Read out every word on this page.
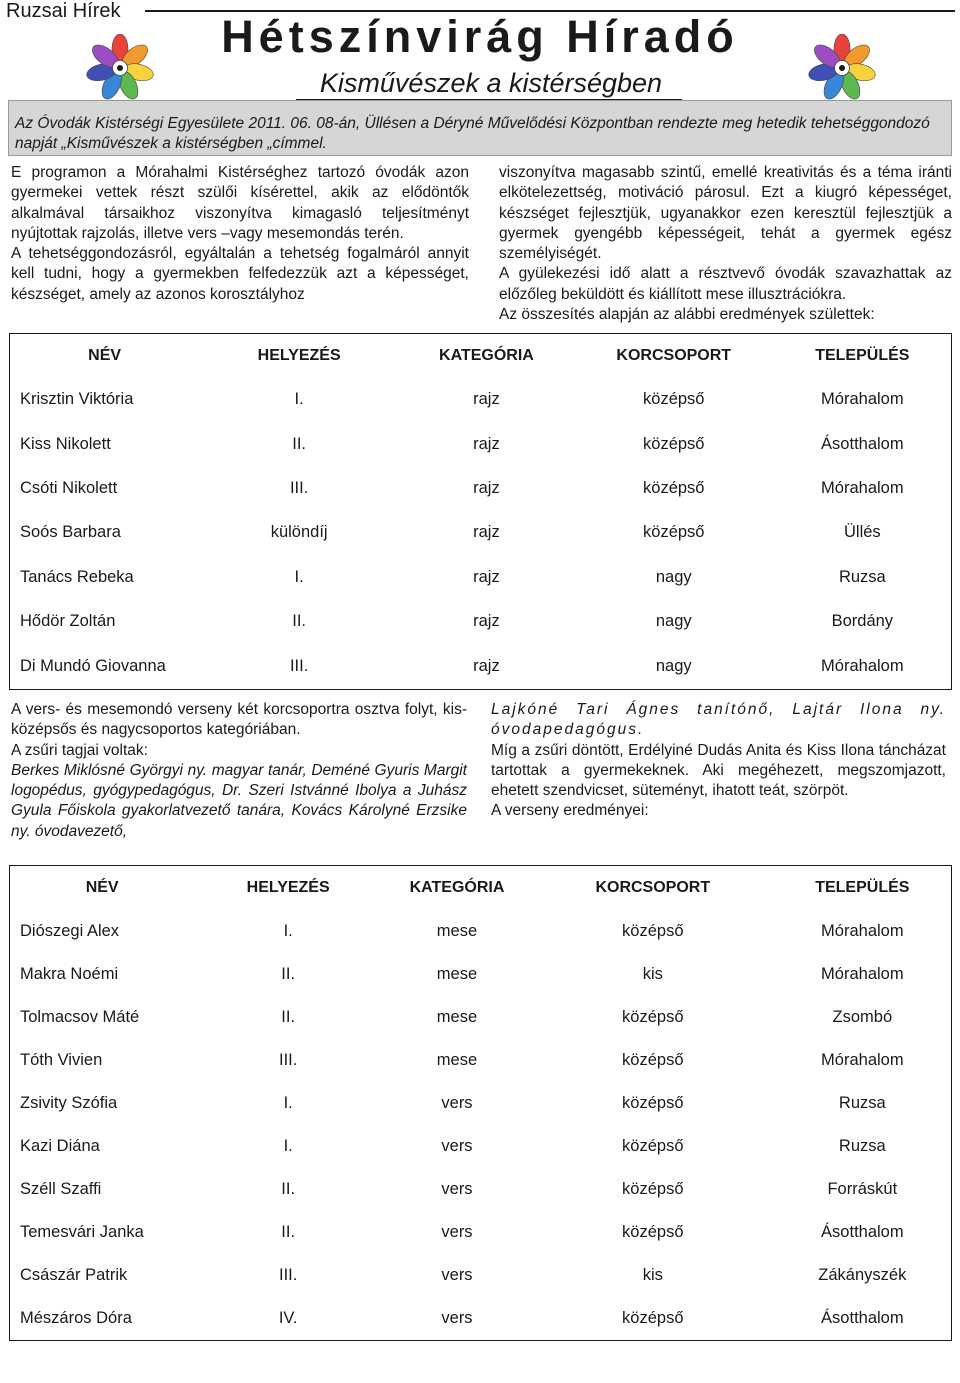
Ruzsai Hírek	Hétszínvirág Híradó
Kisművészek a kistérségben
Az Óvodák Kistérségi Egyesülete 2011. 06. 08-án, Üllésen a Déryné Művelődési Központban rendezte meg hetedik tehetséggondozó napját „Kisművészek a kistérségben „címmel.

E programon a Mórahalmi Kistérséghez tartozó óvodák azon gyermekei vettek részt szülői kísérettel, akik az elődöntők alkalmával társaikhoz viszonyítva kimagasló teljesítményt nyújtottak rajzolás, illetve vers –vagy mesemondás terén.

A tehetséggondozásról, egyáltalán a tehetség fogalmáról annyit kell tudni, hogy a gyermekben felfedezzük azt a képességet, készséget, amely az azonos korosztályhoz

viszonyítva magasabb szintű, emellé kreativitás és a téma iránti elkötelezettség, motiváció párosul. Ezt a kiugró képességet, készséget fejlesztjük, ugyanakkor ezen keresztül fejlesztjük a gyermek gyengébb képességeit, tehát a gyermek egész személyiségét.

A gyülekezési idő alatt a résztvevő óvodák szavazhattak az előzőleg beküldött és kiállított mese illusztrációkra.

Az összesítés alapján az alábbi eredmények születtek:

NÉV	HELYEZÉS	KATEGÓRIA	KORCSOPORT	TELEPÜLÉS
Krisztin Viktória	I.	rajz	középső	Mórahalom
Kiss Nikolett	II.	rajz	középső	Ásotthalom
Csóti Nikolett	III.	rajz	középső	Mórahalom
Soós Barbara	különdíj	rajz	középső	Üllés
Tanács Rebeka	I.	rajz	nagy	Ruzsa
Hődör Zoltán	II.	rajz	nagy	Bordány
Di Mundó Giovanna	III.	rajz	nagy	Mórahalom

A vers- és mesemondó verseny két korcsoportra osztva folyt, kis-középsős és nagycsoportos kategóriában.

A zsűri tagjai voltak:

Berkes Miklósné Györgyi ny. magyar tanár, Deméné Gyuris Margit logopédus, gyógypedagógus, Dr. Szeri Istvánné Ibolya a Juhász Gyula Főiskola gyakorlatvezető tanára, Kovács Károlyné Erzsike ny. óvodavezető,

Lajkóné Tari Ágnes tanítónő, Lajtár Ilona ny. óvodapedagógus.

Míg a zsűri döntött, Erdélyiné Dudás Anita és Kiss Ilona táncházat tartottak a gyermekeknek. Aki megéhezett, megszomjazott, ehetett szendvicset, süteményt, ihatott teát, szörpöt.

A verseny eredményei:

NÉV	HELYEZÉS	KATEGÓRIA	KORCSOPORT	TELEPÜLÉS
Diószegi Alex	I.	mese	középső	Mórahalom
Makra Noémi	II.	mese	kis	Mórahalom
Tolmacsov Máté	II.	mese	középső	Zsombó
Tóth Vivien	III.	mese	középső	Mórahalom
Zsivity Szófia	I.	vers	középső	Ruzsa
Kazi Diána	I.	vers	középső	Ruzsa
Széll Szaffi	II.	vers	középső	Forráskút
Temesvári Janka	II.	vers	középső	Ásotthalom
Császár Patrik	III.	vers	kis	Zákányszék
Mészáros Dóra	IV.	vers	középső	Ásotthalom
